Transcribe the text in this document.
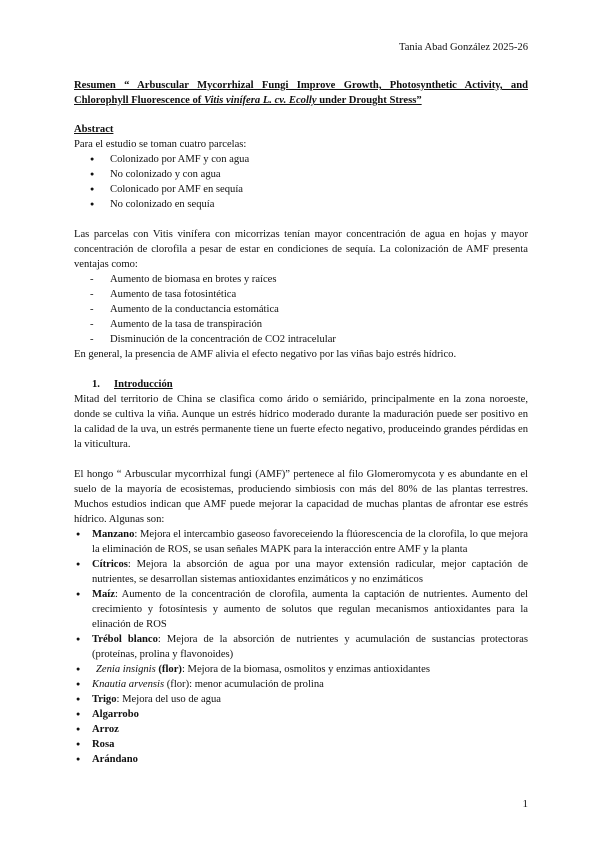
Tania Abad González 2025-26

Resumen “ Arbuscular Mycorrhizal Fungi Improve Growth, Photosynthetic Activity, and Chlorophyll Fluorescence of Vitis vinífera L. cv. Ecolly under Drought Stress”

Abstract

Para el estudio se toman cuatro parcelas:

● Colonizado por AMF y con agua
● No colonizado y con agua
● Colonicado por AMF en sequía
● No colonizado en sequía

Las parcelas con Vitis vinífera con micorrizas tenían mayor concentración de agua en hojas y mayor concentración de clorofila a pesar de estar en condiciones de sequía. La colonización de AMF presenta ventajas como:

- Aumento de biomasa en brotes y raíces
- Aumento de tasa fotosintética
- Aumento de la conductancia estomática
- Aumento de la tasa de transpiración
- Disminución de la concentración de CO2 intracelular

En general, la presencia de AMF alivia el efecto negativo por las viñas bajo estrés hídrico.

1. Introducción

Mitad del territorio de China se clasifica como árido o semiárido, principalmente en la zona noroeste, donde se cultiva la viña. Aunque un estrés hídrico moderado durante la maduración puede ser positivo en la calidad de la uva, un estrés permanente tiene un fuerte efecto negativo, produceindo grandes pérdidas en la viticultura.

El hongo “ Arbuscular mycorrhizal fungi (AMF)” pertenece al filo Glomeromycota y es abundante en el suelo de la mayoría de ecosistemas, produciendo simbiosis con más del 80% de las plantas terrestres. Muchos estudios indican que AMF puede mejorar la capacidad de muchas plantas de afrontar ese estrés hídrico. Algunas son:

● Manzano: Mejora el intercambio gaseoso favoreceiendo la flúorescencia de la clorofila, lo que mejora la eliminación de ROS, se usan señales MAPK para la interacción entre AMF y la planta
● Cítricos: Mejora la absorción de agua por una mayor extensión radicular, mejor captación de nutrientes, se desarrollan sistemas antioxidantes enzimáticos y no enzimáticos
● Maíz: Aumento de la concentración de clorofila, aumenta la captación de nutrientes. Aumento del crecimiento y fotosíntesis y aumento de solutos que regulan mecanismos antioxidantes para la elinación de ROS
● Trébol blanco: Mejora de la absorción de nutrientes y acumulación de sustancias protectoras (proteínas, prolina y flavonoides)
● Zenia insignis (flor): Mejora de la biomasa, osmolitos y enzimas antioxidantes
● Knautia arvensis (flor): menor acumulación de prolina
● Trigo: Mejora del uso de agua
● Algarrobo
● Arroz
● Rosa
● Arándano
1
